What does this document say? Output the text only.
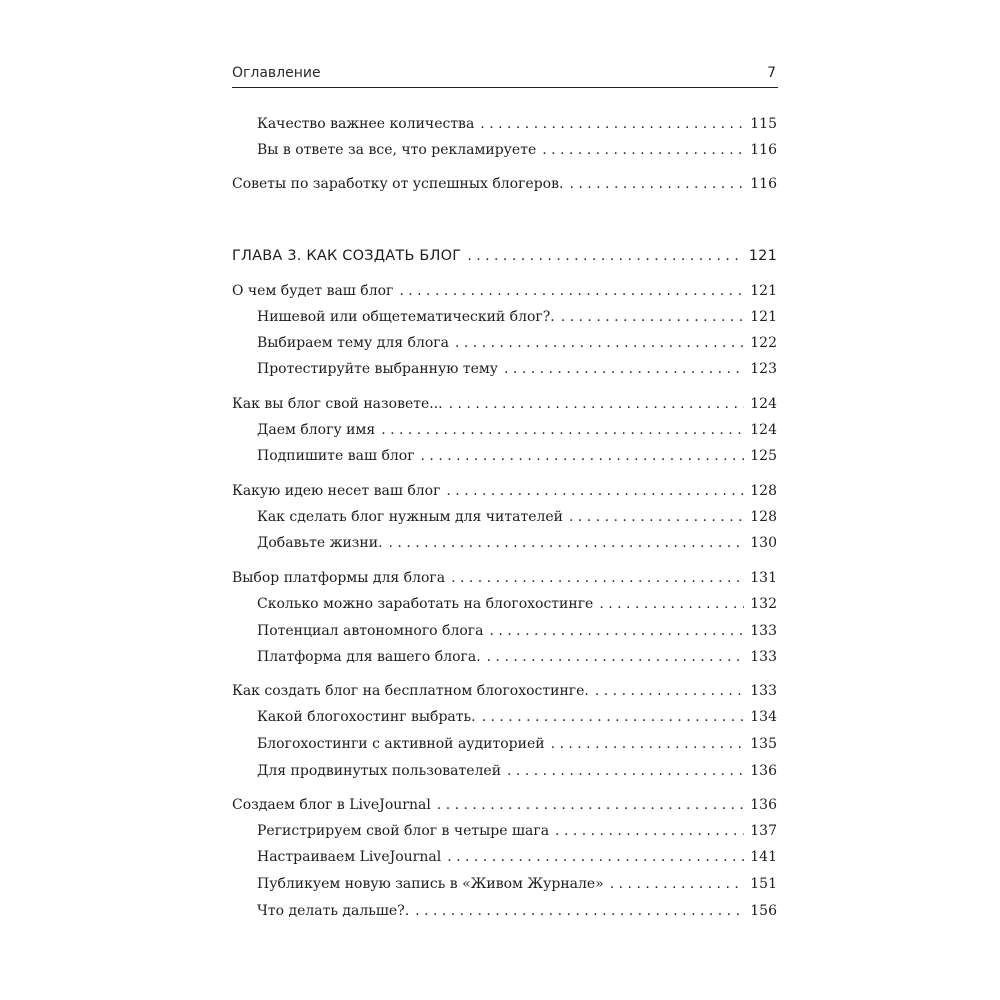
Оглавление	7
Качество важнее количества . . .	115
Вы в ответе за все, что рекламируете . . .	116
Советы по заработку от успешных блогеров. . . .	116
ГЛАВА 3. КАК СОЗДАТЬ БЛОГ . . .	121
О чем будет ваш блог . . .	121
Нишевой или общетематический блог?. . . .	121
Выбираем тему для блога . . .	122
Протестируйте выбранную тему . . .	123
Как вы блог свой назовете... . . .	124
Даем блогу имя . . .	124
Подпишите ваш блог . . .	125
Какую идею несет ваш блог . . .	128
Как сделать блог нужным для читателей . . .	128
Добавьте жизни. . . .	130
Выбор платформы для блога . . .	131
Сколько можно заработать на блогохостинге . . .	132
Потенциал автономного блога . . .	133
Платформа для вашего блога. . . .	133
Как создать блог на бесплатном блогохостинге. . . .	133
Какой блогохостинг выбрать. . . .	134
Блогохостинги с активной аудиторией . . .	135
Для продвинутых пользователей . . .	136
Создаем блог в LiveJournal . . .	136
Регистрируем свой блог в четыре шага . . .	137
Настраиваем LiveJournal . . .	141
Публикуем новую запись в «Живом Журнале» . . .	151
Что делать дальше?. . . .	156
